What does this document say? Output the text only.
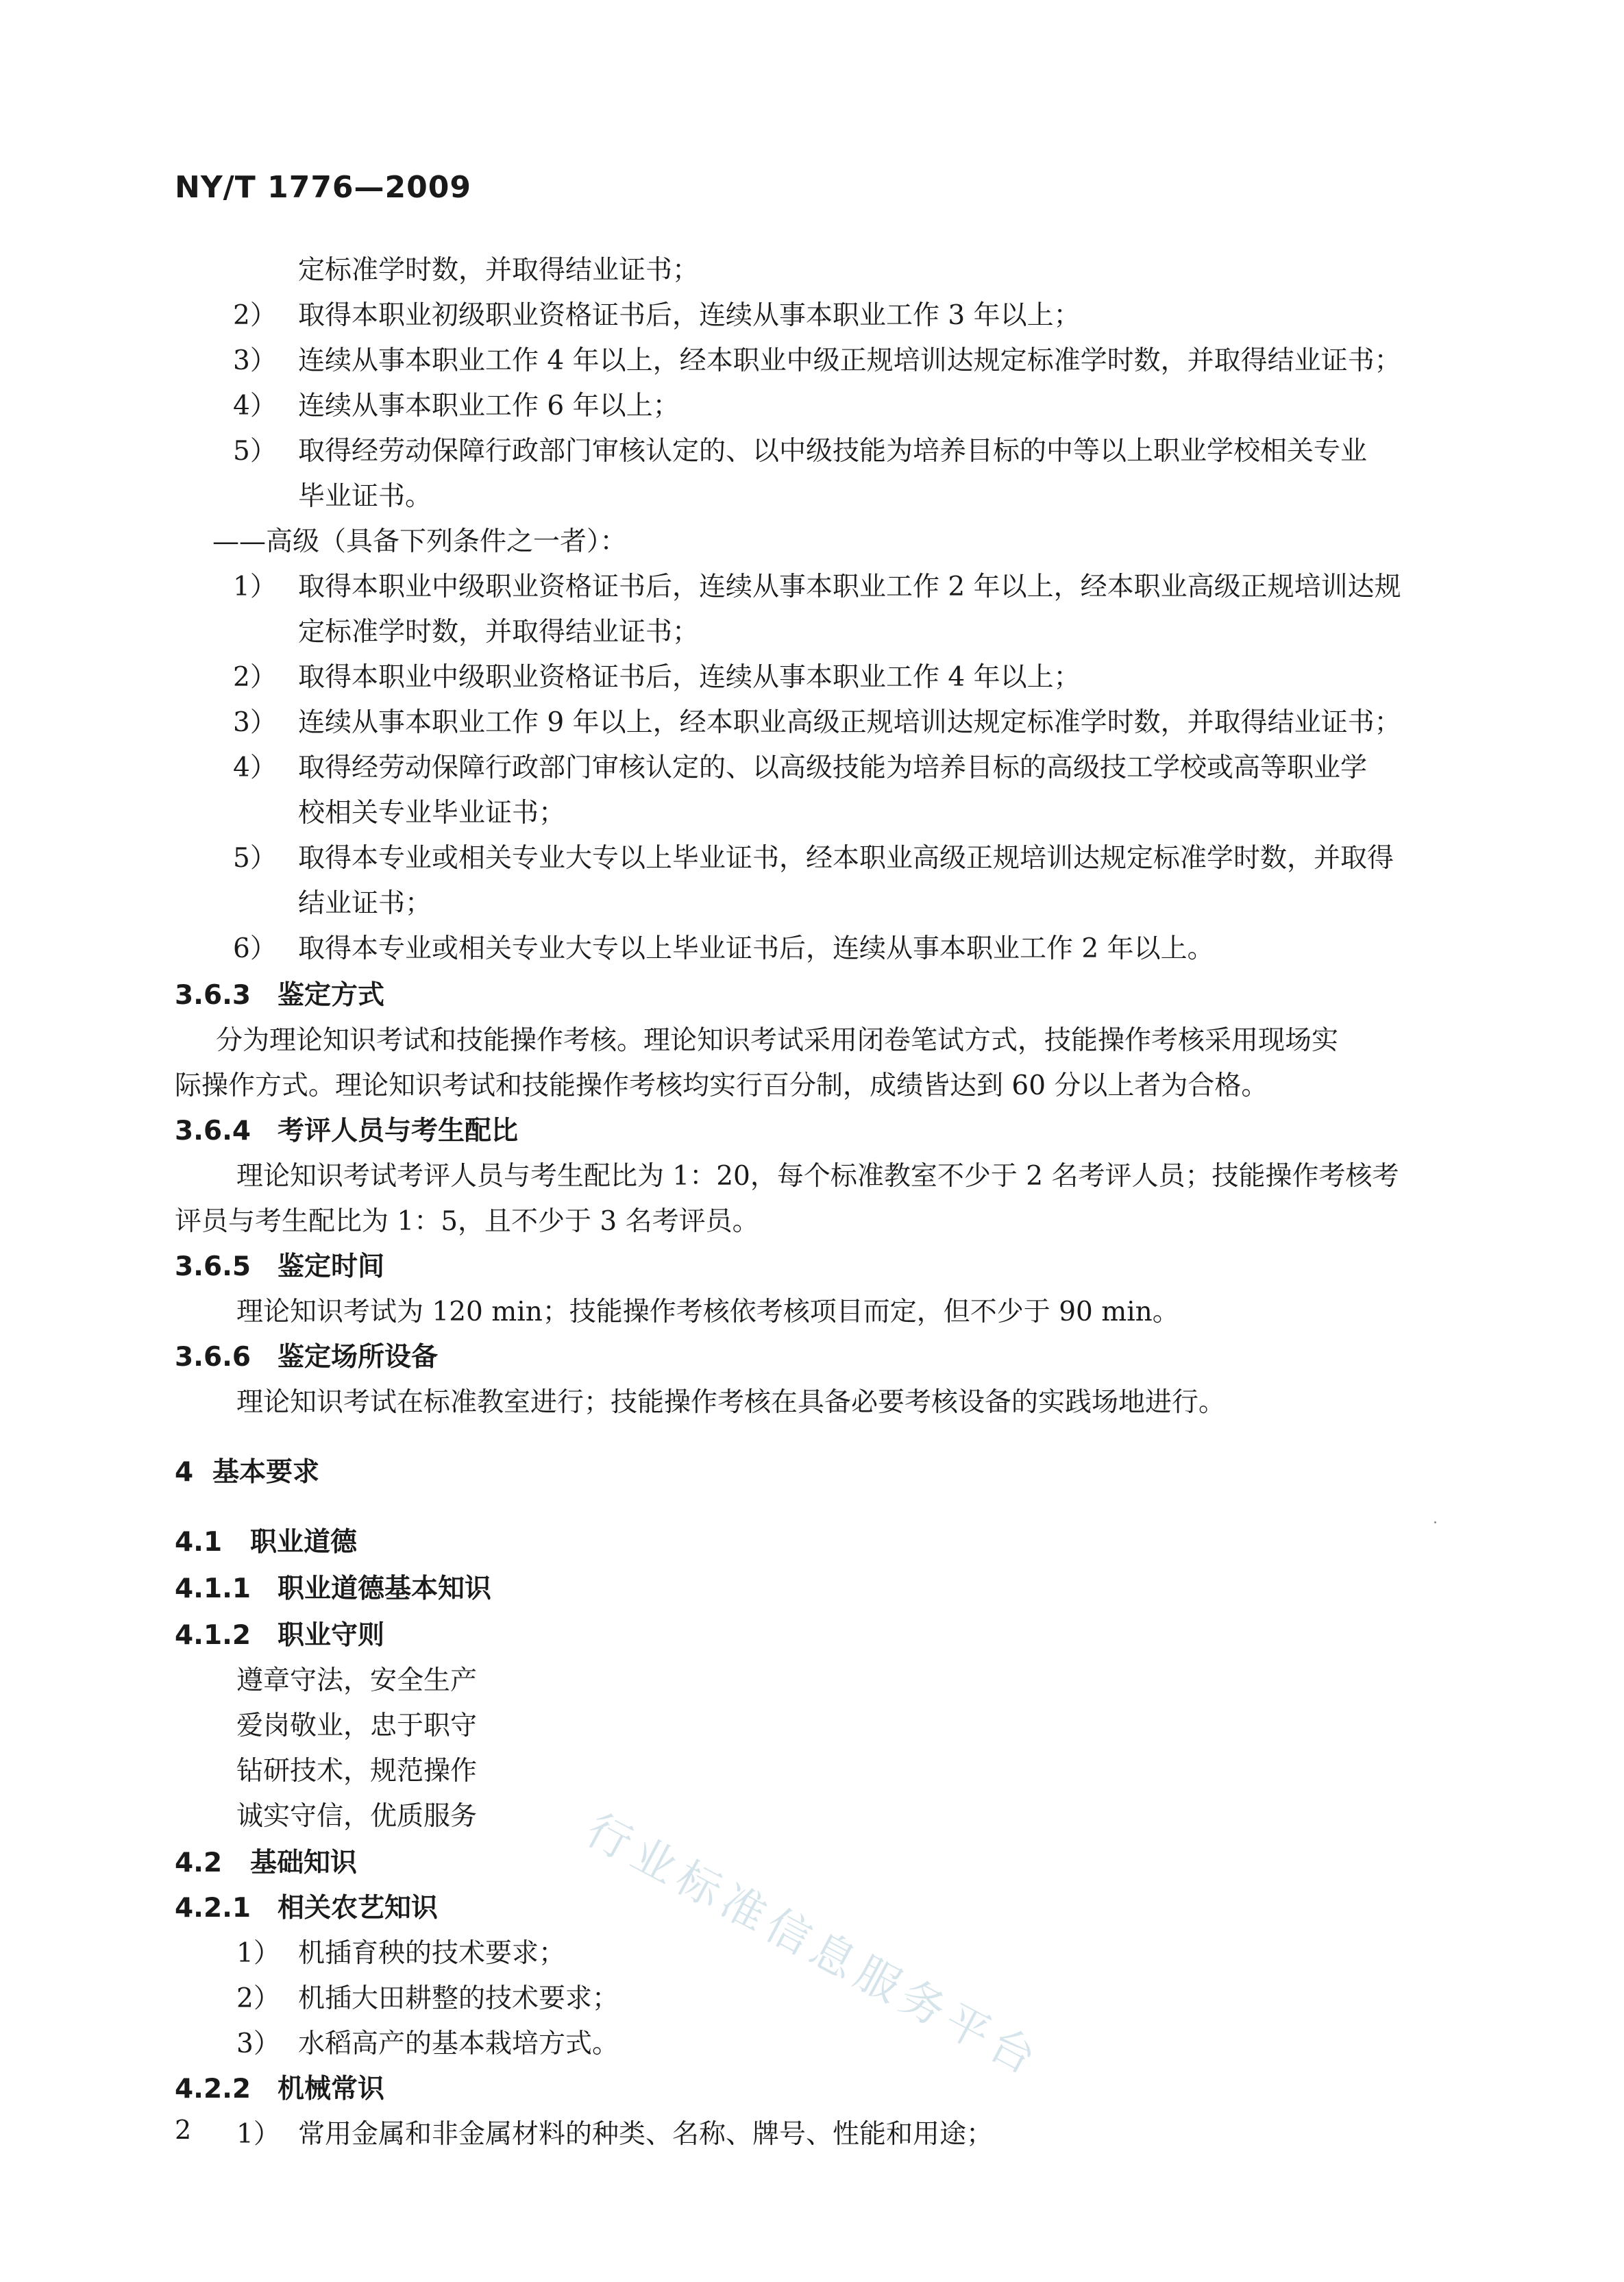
NY/T 1776—2009
定标准学时数，并取得结业证书；
2） 取得本职业初级职业资格证书后，连续从事本职业工作 3 年以上；
3） 连续从事本职业工作 4 年以上，经本职业中级正规培训达规定标准学时数，并取得结业证书；
4） 连续从事本职业工作 6 年以上；
5） 取得经劳动保障行政部门审核认定的、以中级技能为培养目标的中等以上职业学校相关专业
毕业证书。
——高级（具备下列条件之一者）：
1） 取得本职业中级职业资格证书后，连续从事本职业工作 2 年以上，经本职业高级正规培训达规
定标准学时数，并取得结业证书；
2） 取得本职业中级职业资格证书后，连续从事本职业工作 4 年以上；
3） 连续从事本职业工作 9 年以上，经本职业高级正规培训达规定标准学时数，并取得结业证书；
4） 取得经劳动保障行政部门审核认定的、以高级技能为培养目标的高级技工学校或高等职业学
校相关专业毕业证书；
5） 取得本专业或相关专业大专以上毕业证书，经本职业高级正规培训达规定标准学时数，并取得
结业证书；
6） 取得本专业或相关专业大专以上毕业证书后，连续从事本职业工作 2 年以上。
3.6.3 鉴定方式
分为理论知识考试和技能操作考核。理论知识考试采用闭卷笔试方式，技能操作考核采用现场实
际操作方式。理论知识考试和技能操作考核均实行百分制，成绩皆达到 60 分以上者为合格。
3.6.4 考评人员与考生配比
理论知识考试考评人员与考生配比为 1：20，每个标准教室不少于 2 名考评人员；技能操作考核考
评员与考生配比为 1：5，且不少于 3 名考评员。
3.6.5 鉴定时间
理论知识考试为 120 min；技能操作考核依考核项目而定，但不少于 90 min。
3.6.6 鉴定场所设备
理论知识考试在标准教室进行；技能操作考核在具备必要考核设备的实践场地进行。
4 基本要求
4.1 职业道德
4.1.1 职业道德基本知识
4.1.2 职业守则
遵章守法，安全生产
爱岗敬业，忠于职守
钻研技术，规范操作
诚实守信，优质服务
4.2 基础知识
4.2.1 相关农艺知识
1） 机插育秧的技术要求；
2） 机插大田耕整的技术要求；
3） 水稻高产的基本栽培方式。
4.2.2 机械常识
1） 常用金属和非金属材料的种类、名称、牌号、性能和用途；
行业标准信息服务平台
2
